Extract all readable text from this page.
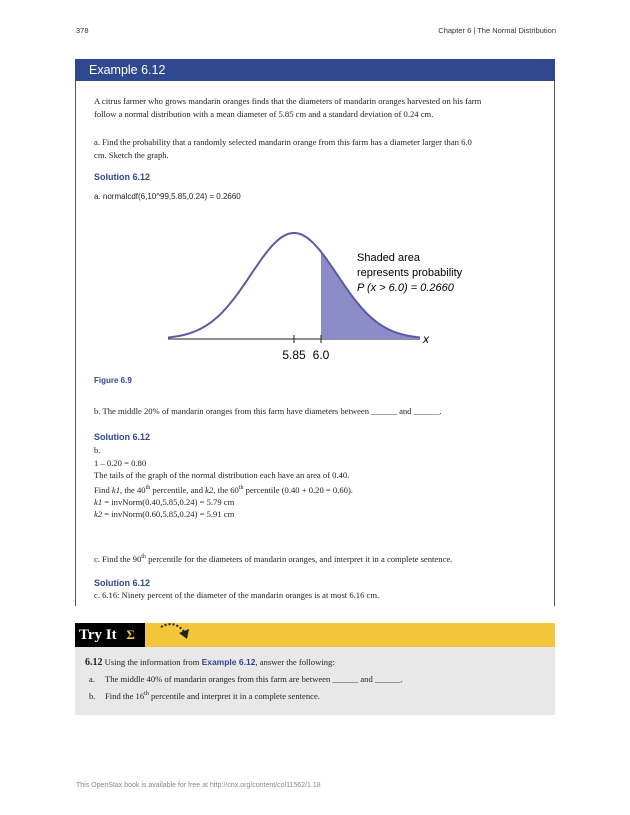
378	Chapter 6 | The Normal Distribution
Example 6.12
A citrus farmer who grows mandarin oranges finds that the diameters of mandarin oranges harvested on his farm
follow a normal distribution with a mean diameter of 5.85 cm and a standard deviation of 0.24 cm.
a. Find the probability that a randomly selected mandarin orange from this farm has a diameter larger than 6.0
cm. Sketch the graph.
Solution 6.12
a. normalcdf(6,10^99,5.85,0.24) = 0.2660
5.85 6.0
x
Shaded area
represents probability
P (x > 6.0) = 0.2660
Figure 6.9
b. The middle 20% of mandarin oranges from this farm have diameters between ______ and ______.
Solution 6.12
b.
1 – 0.20 = 0.80
The tails of the graph of the normal distribution each have an area of 0.40.
Find k1, the 40th percentile, and k2, the 60th percentile (0.40 + 0.20 = 0.60).
k1 = invNorm(0.40,5.85,0.24) = 5.79 cm
k2 = invNorm(0.60,5.85,0.24) = 5.91 cm
c. Find the 90th percentile for the diameters of mandarin oranges, and interpret it in a complete sentence.
Solution 6.12
c. 6.16: Ninety percent of the diameter of the mandarin oranges is at most 6.16 cm.
Try It Σ
6.12 Using the information from Example 6.12, answer the following:
a. The middle 40% of mandarin oranges from this farm are between ______ and ______.
b. Find the 16th percentile and interpret it in a complete sentence.
This OpenStax book is available for free at http://cnx.org/content/col11562/1.18
